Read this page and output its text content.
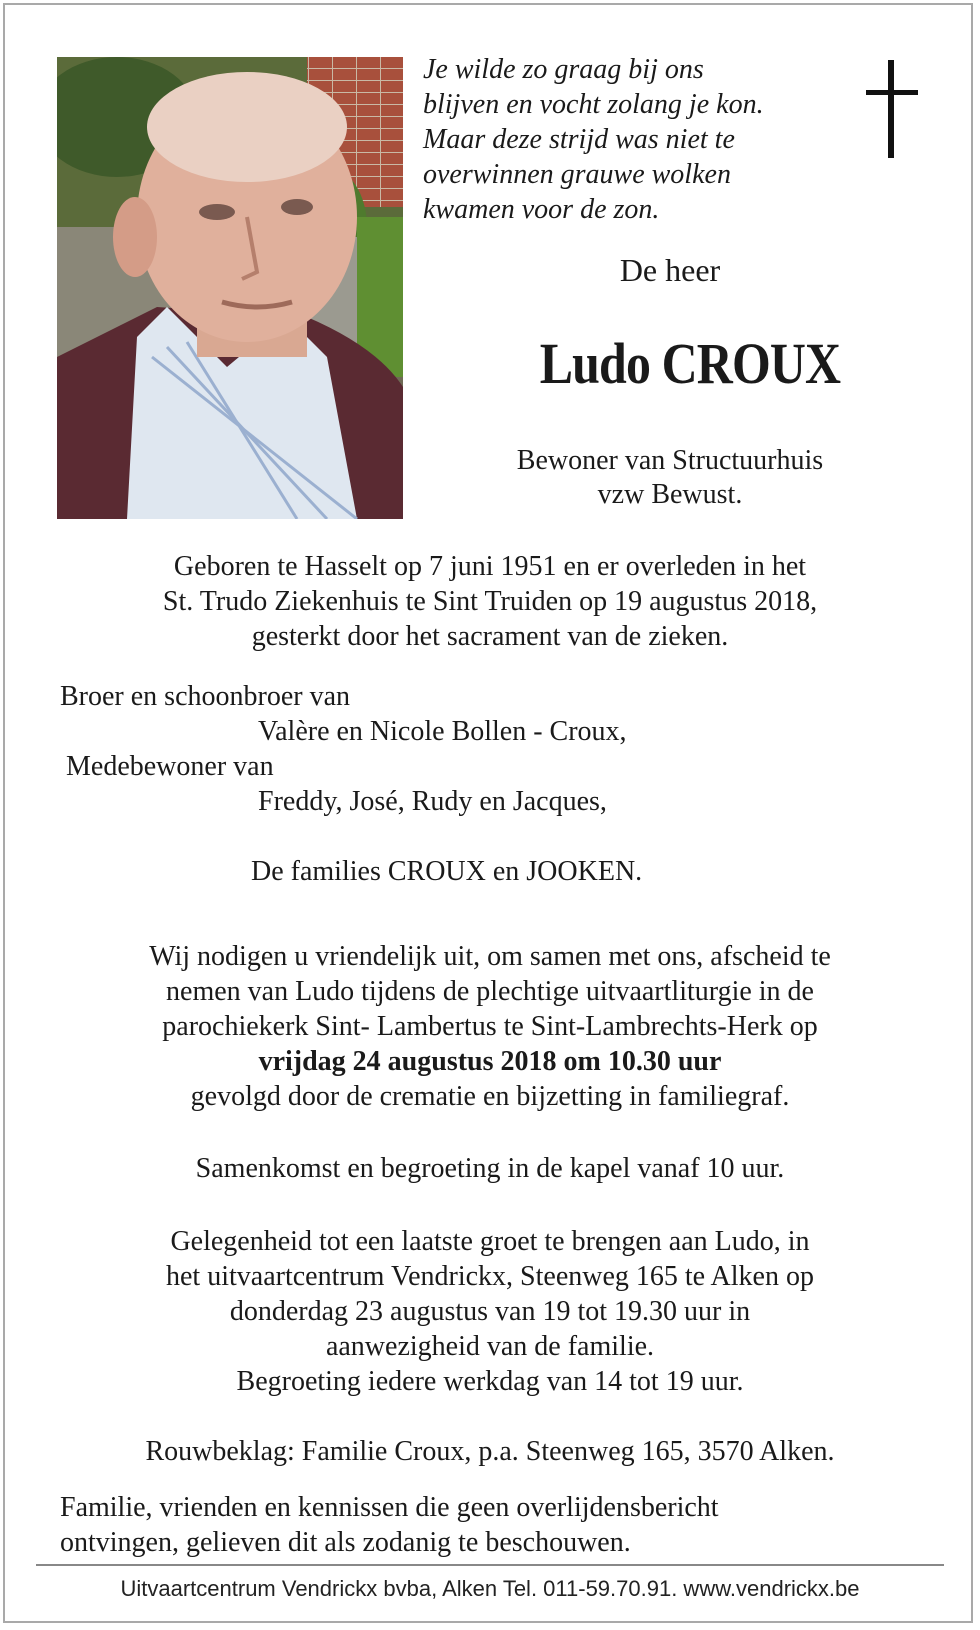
Je wilde zo graag bij ons
blijven en vocht zolang je kon.
Maar deze strijd was niet te
overwinnen grauwe wolken
kwamen voor de zon.
De heer
Ludo CROUX
Bewoner van Structuurhuis
vzw Bewust.
Geboren te Hasselt op 7 juni 1951 en er overleden in het
St. Trudo Ziekenhuis te Sint Truiden op 19 augustus 2018,
gesterkt door het sacrament van de zieken.
Broer en schoonbroer van
Valère en Nicole Bollen - Croux,
Medebewoner van
Freddy, José, Rudy en Jacques,
De families CROUX en JOOKEN.
Wij nodigen u vriendelijk uit, om samen met ons, afscheid te
nemen van Ludo tijdens de plechtige uitvaartliturgie in de
parochiekerk Sint- Lambertus te Sint-Lambrechts-Herk op
vrijdag 24 augustus 2018 om 10.30 uur
gevolgd door de crematie en bijzetting in familiegraf.
Samenkomst en begroeting in de kapel vanaf 10 uur.
Gelegenheid tot een laatste groet te brengen aan Ludo, in
het uitvaartcentrum Vendrickx, Steenweg 165 te Alken op
donderdag 23 augustus van 19 tot 19.30 uur in
aanwezigheid van de familie.
Begroeting iedere werkdag van 14 tot 19 uur.
Rouwbeklag: Familie Croux, p.a. Steenweg 165, 3570 Alken.
Familie, vrienden en kennissen die geen overlijdensbericht
ontvingen, gelieven dit als zodanig te beschouwen.
Uitvaartcentrum Vendrickx bvba, Alken Tel. 011-59.70.91. www.vendrickx.be
